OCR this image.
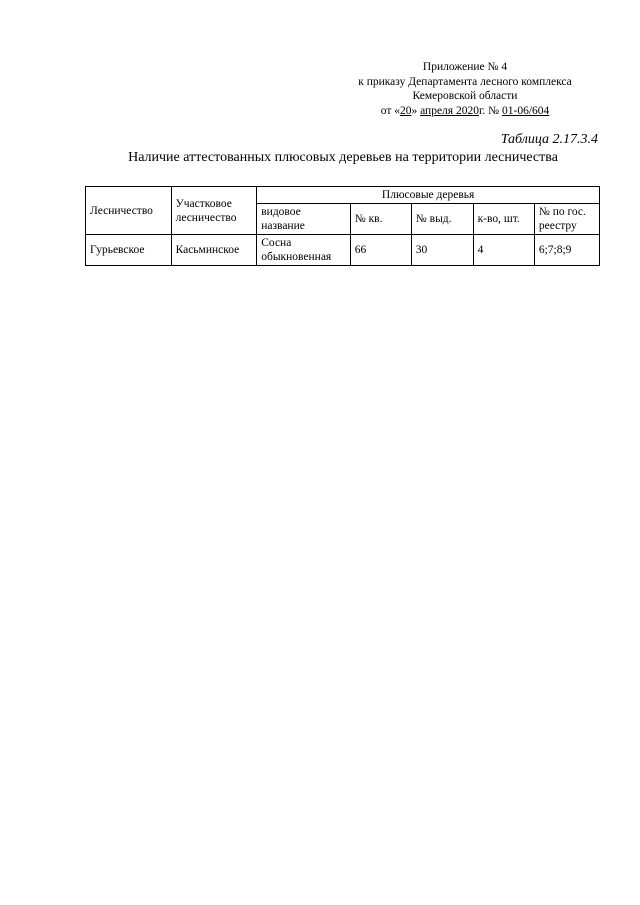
Приложение № 4
к приказу Департамента лесного комплекса
Кемеровской области
от «20» апреля 2020г. № 01-06/604
Таблица 2.17.3.4
Наличие аттестованных плюсовых деревьев на территории лесничества
Лесничество	Участковое лесничество	Плюсовые деревья				
		видовое название	№ кв.	№ выд.	к-во, шт.	№ по гос. реестру
Гурьевское	Касьминское	Сосна обыкновенная	66	30	4	6;7;8;9
